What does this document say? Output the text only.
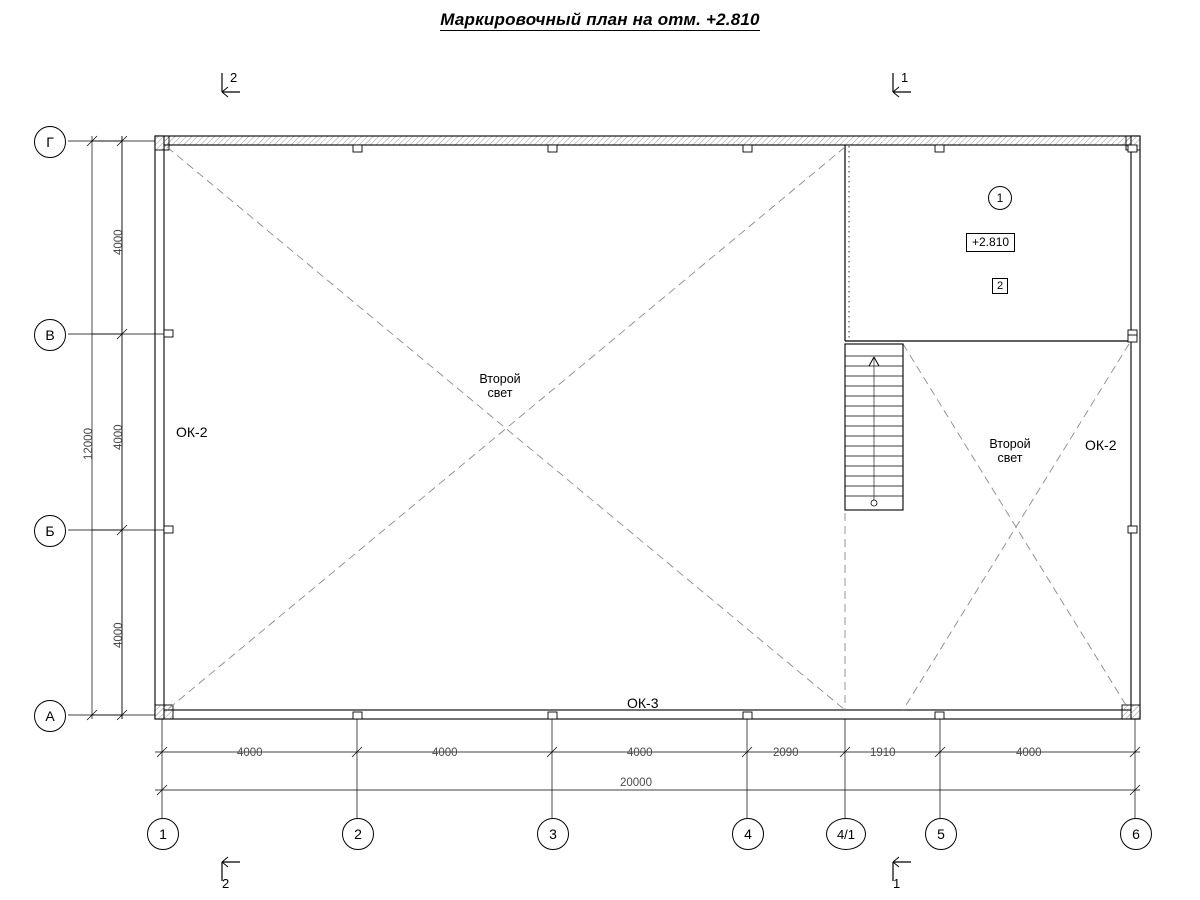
Маркировочный план на отм. +2.810
Г
В
Б
А
1	2	3	4	4/1	5	6
4000
4000
4000
12000
4000	4000	4000	2090	1910	4000
20000
ОК-2
ОК-2
ОК-3
Второй
свет
Второй
свет
1
+2.810
2
2	1
2	1
